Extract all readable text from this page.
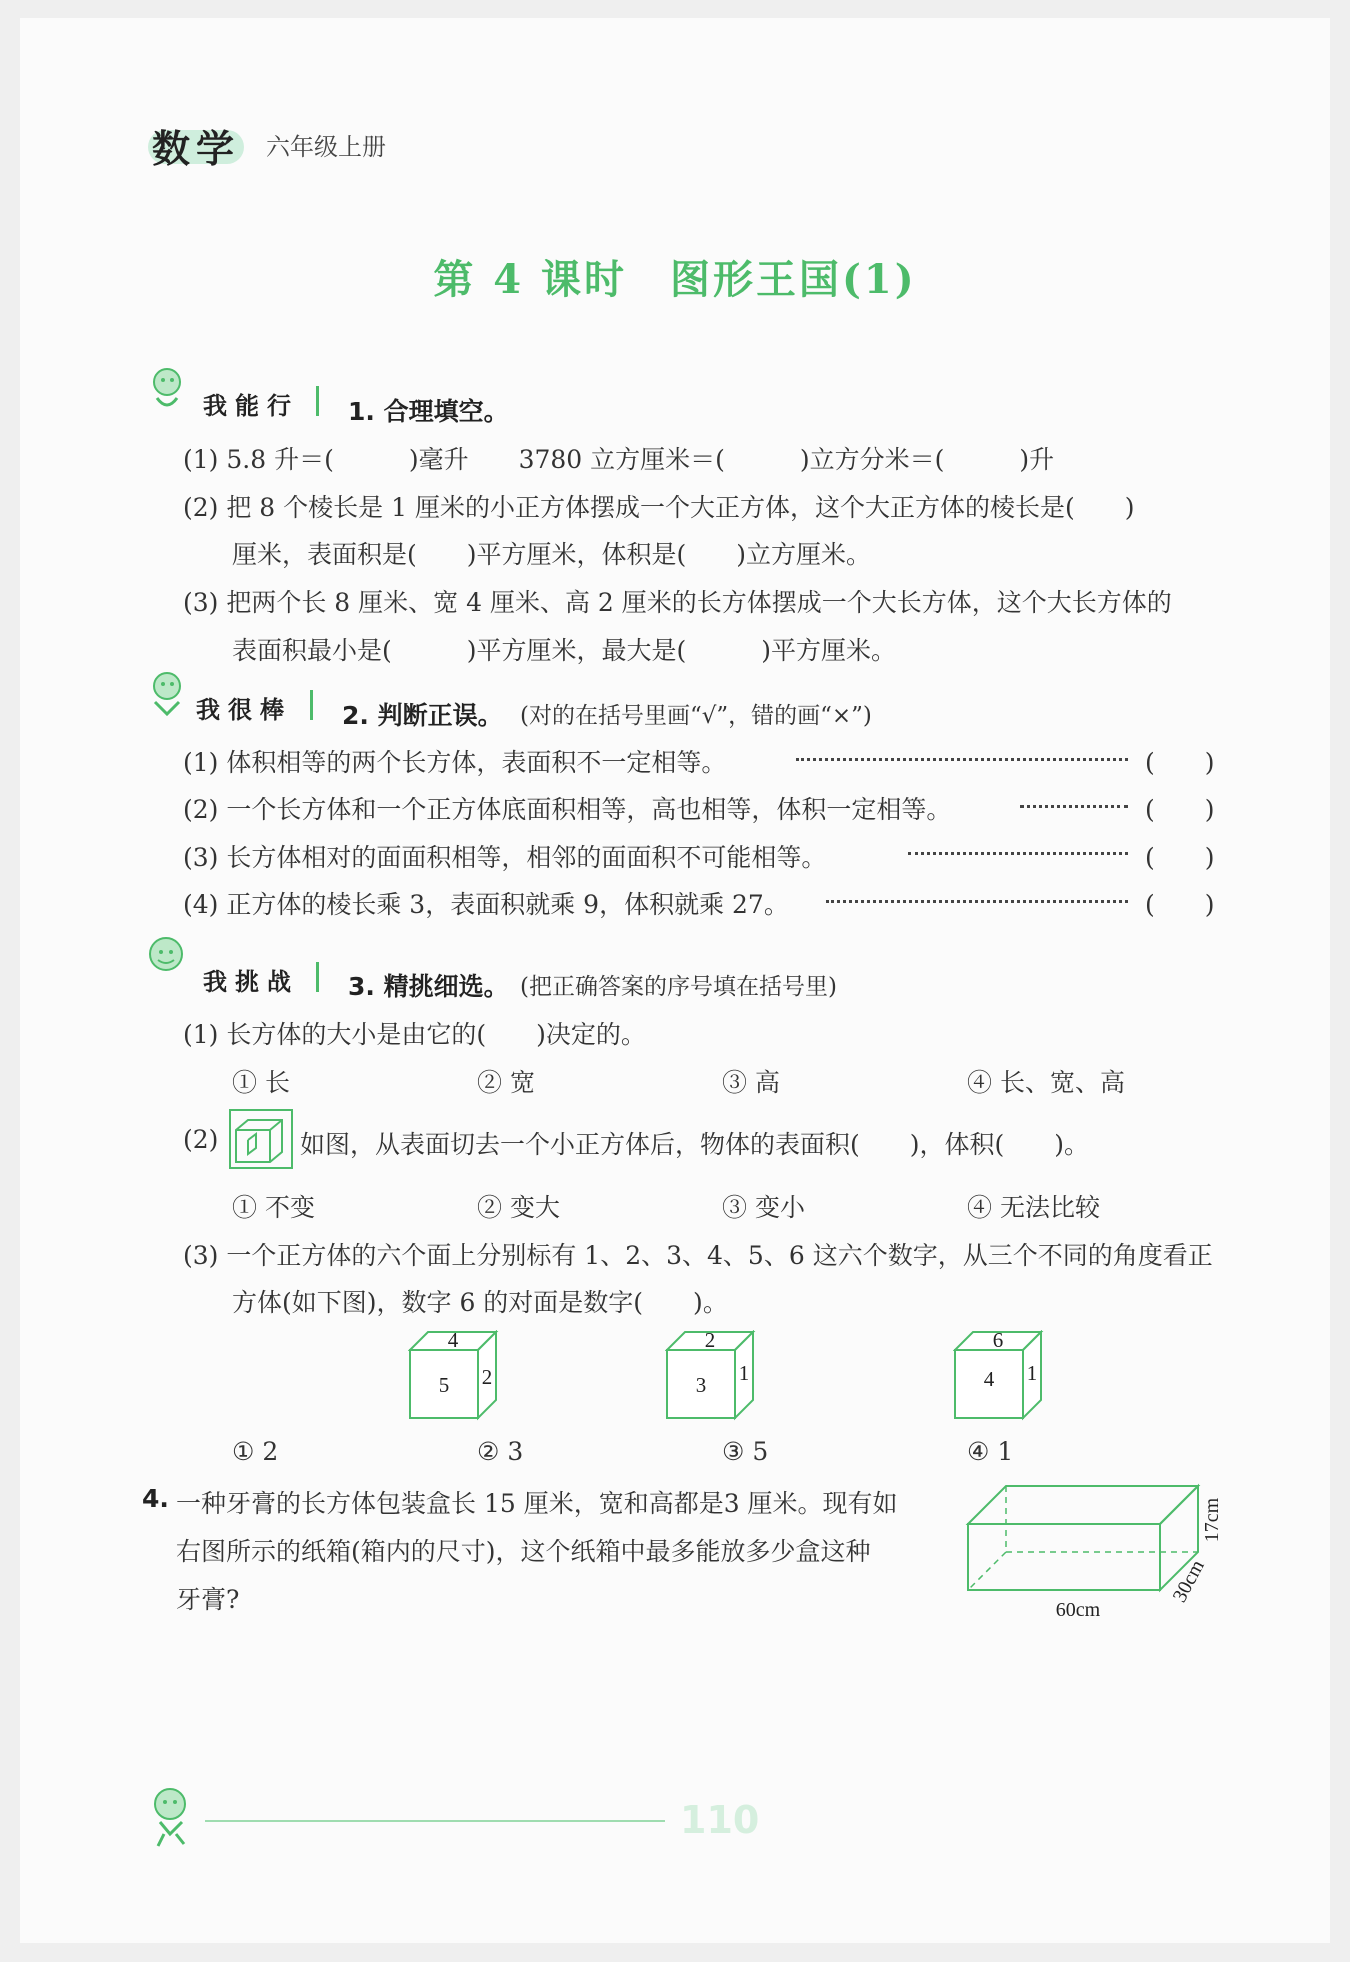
数学 六年级上册
第 4 课时　图形王国(1)
我能行 1. 合理填空。
(1) 5.8 升＝(　　　)毫升　　3780 立方厘米＝(　　　)立方分米＝(　　　)升
(2) 把 8 个棱长是 1 厘米的小正方体摆成一个大正方体，这个大正方体的棱长是(　　)
厘米，表面积是(　　)平方厘米，体积是(　　)立方厘米。
(3) 把两个长 8 厘米、宽 4 厘米、高 2 厘米的长方体摆成一个大长方体，这个大长方体的
表面积最小是(　　　)平方厘米，最大是(　　　)平方厘米。
我很棒 2. 判断正误。 (对的在括号里画“√”，错的画“×”)
(1) 体积相等的两个长方体，表面积不一定相等。	(　　)
(2) 一个长方体和一个正方体底面积相等，高也相等，体积一定相等。	(　　)
(3) 长方体相对的面面积相等，相邻的面面积不可能相等。	(　　)
(4) 正方体的棱长乘 3，表面积就乘 9，体积就乘 27。	(　　)
我挑战 3. 精挑细选。 (把正确答案的序号填在括号里)
(1) 长方体的大小是由它的(　　)决定的。
① 长	② 宽	③ 高	④ 长、宽、高
(2)	如图，从表面切去一个小正方体后，物体的表面积(　　)，体积(　　)。
① 不变	② 变大	③ 变小	④ 无法比较
(3) 一个正方体的六个面上分别标有 1、2、3、4、5、6 这六个数字，从三个不同的角度看正
方体(如下图)，数字 6 的对面是数字(　　)。
4
5 2
2
3 1
6
4 1
① 2	② 3	③ 5	④ 1
4. 一种牙膏的长方体包装盒长 15 厘米，宽和高都是3 厘米。现有如
右图所示的纸箱(箱内的尺寸)，这个纸箱中最多能放多少盒这种
牙膏?	60cm
30cm
17cm
110
